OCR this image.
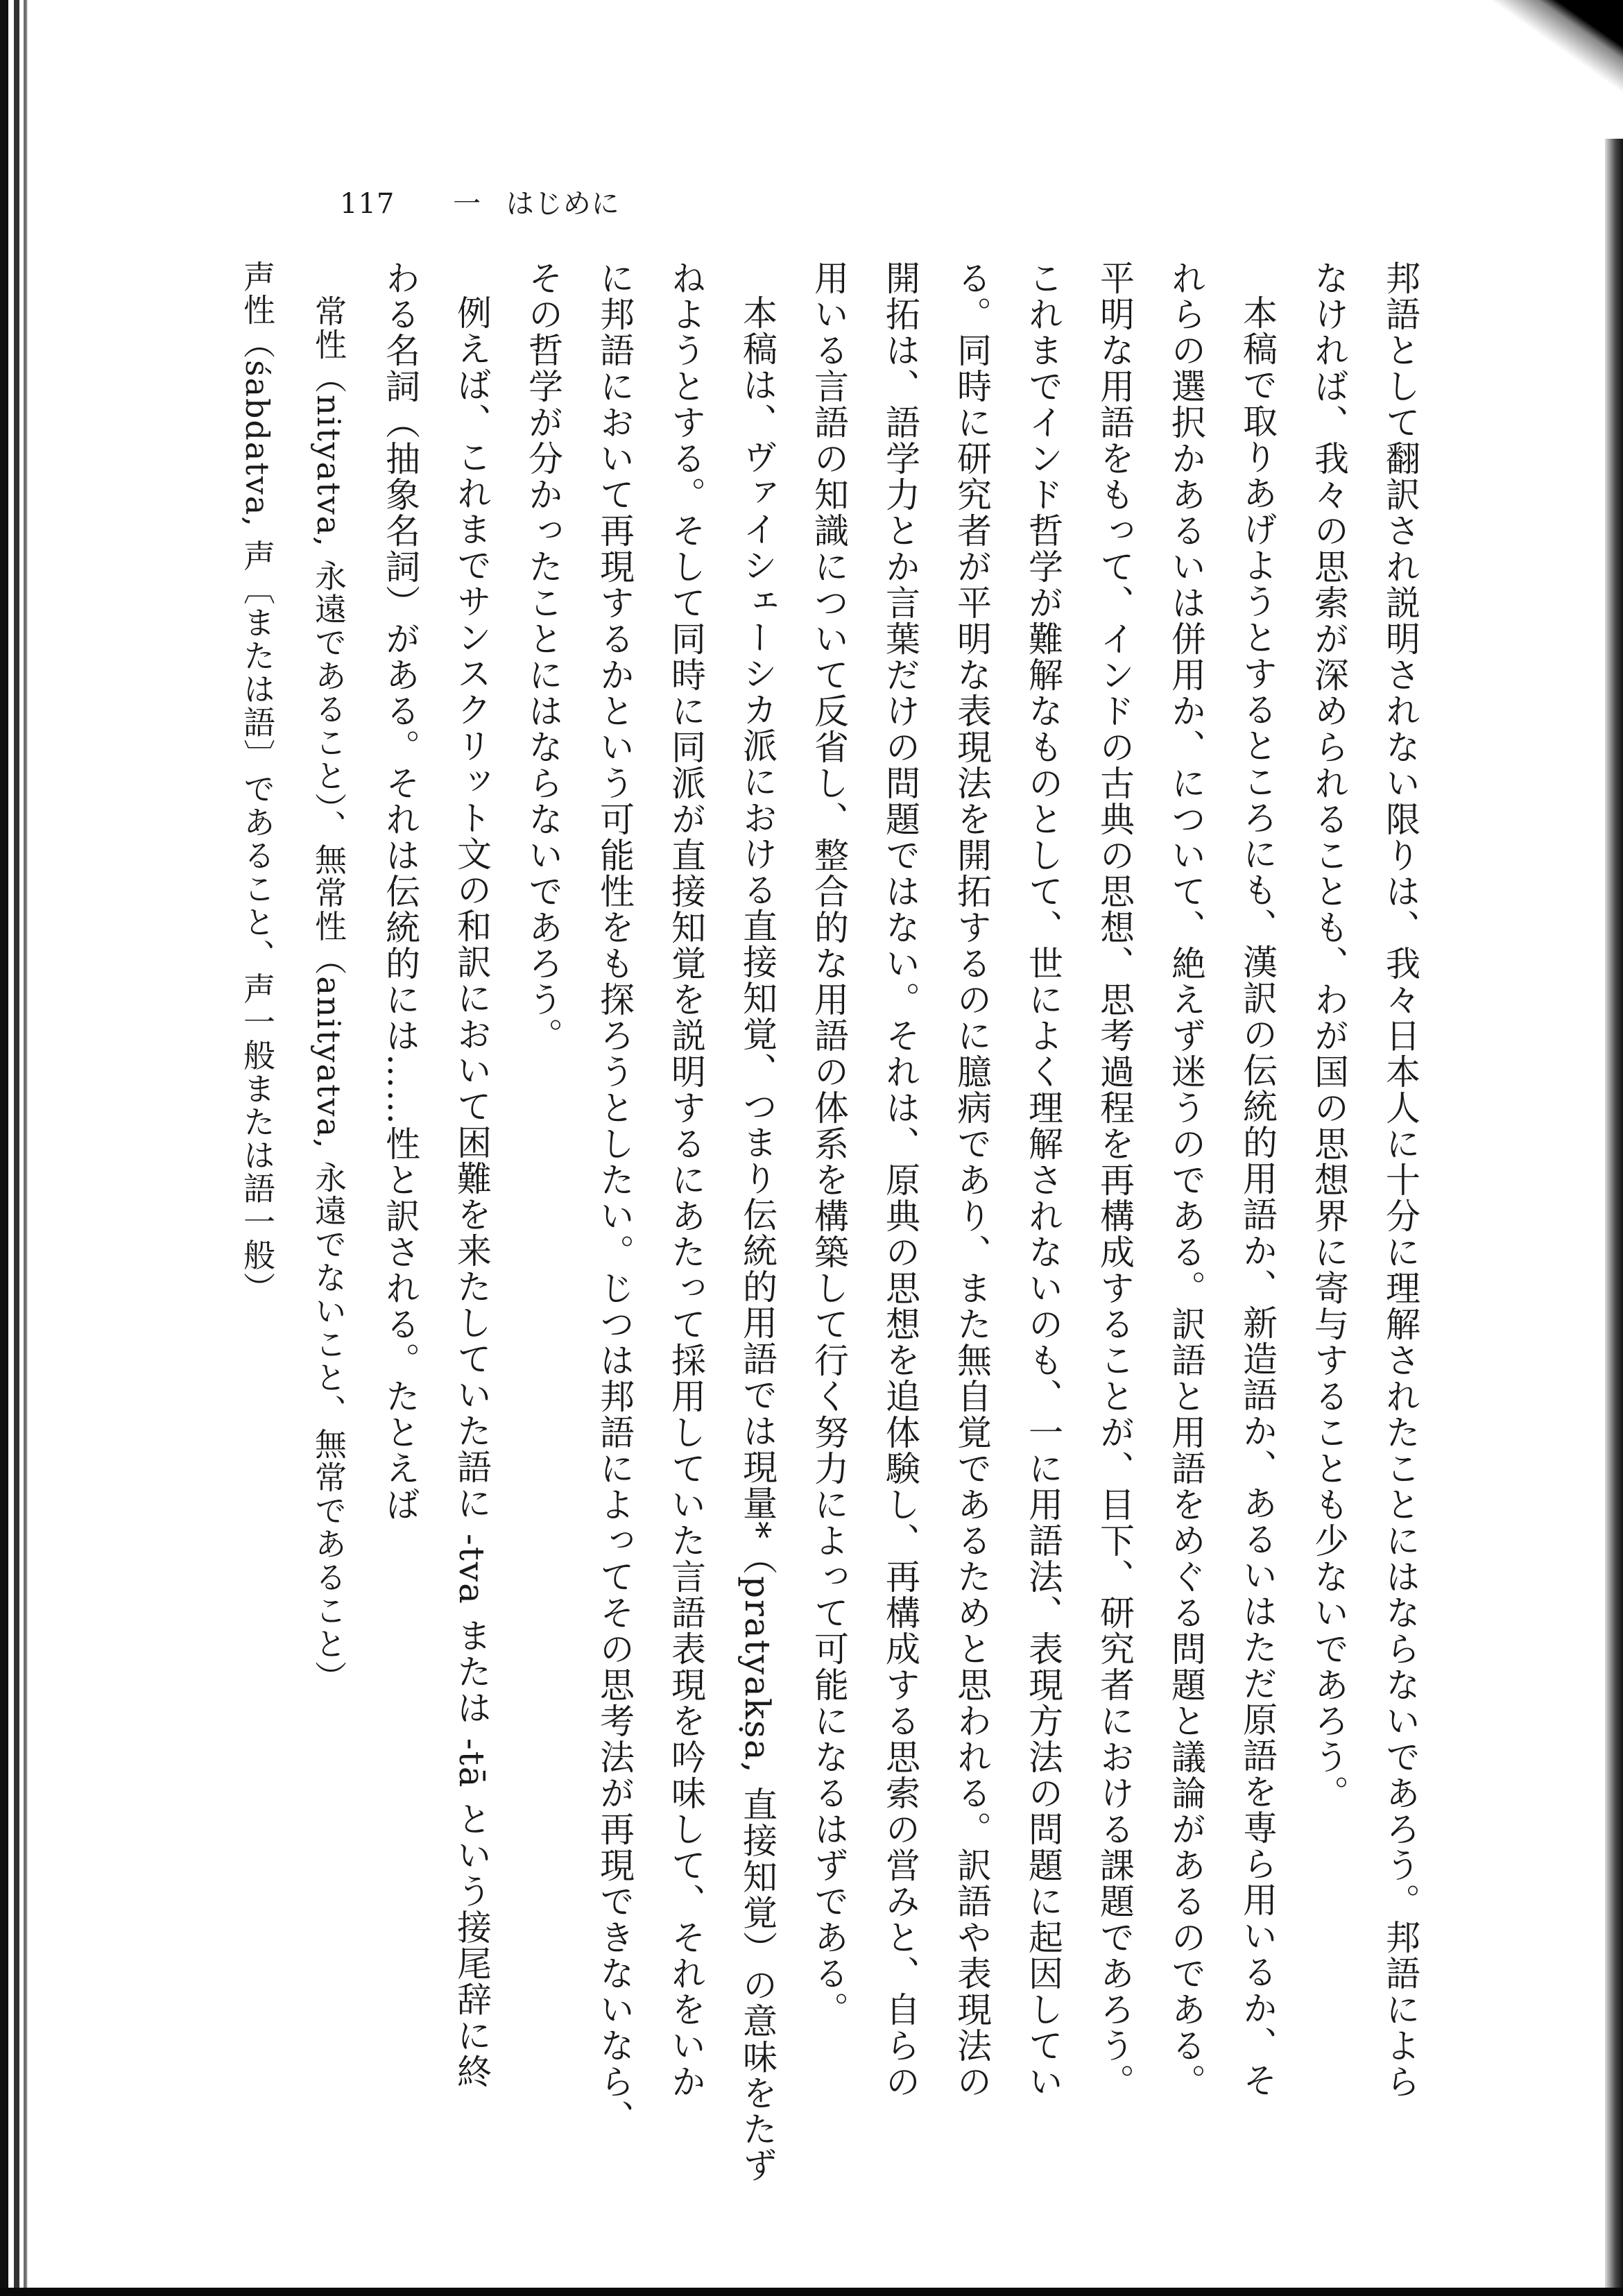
117 一 はじめに
邦語として翻訳され説明されない限りは、我々日本人に十分に理解されたことにはならないであろう。邦語によら
なければ、我々の思索が深められることも、わが国の思想界に寄与することも少ないであろう。
本稿で取りあげようとするところにも、漢訳の伝統的用語か、新造語か、あるいはただ原語を専ら用いるか、そ
れらの選択かあるいは併用か、について、絶えず迷うのである。訳語と用語をめぐる問題と議論があるのである。
平明な用語をもって、インドの古典の思想、思考過程を再構成することが、目下、研究者における課題であろう。
これまでインド哲学が難解なものとして、世によく理解されないのも、一に用語法、表現方法の問題に起因してい
る。同時に研究者が平明な表現法を開拓するのに臆病であり、また無自覚であるためと思われる。訳語や表現法の
開拓は、語学力とか言葉だけの問題ではない。それは、原典の思想を追体験し、再構成する思索の営みと、自らの
用いる言語の知識について反省し、整合的な用語の体系を構築して行く努力によって可能になるはずである。
本稿は、ヴァイシェーシカ派における直接知覚、つまり伝統的用語では現量*（pratyakṣa, 直接知覚）の意味をたず
ねようとする。そして同時に同派が直接知覚を説明するにあたって採用していた言語表現を吟味して、それをいか
に邦語において再現するかという可能性をも探ろうとしたい。じつは邦語によってその思考法が再現できないなら、
その哲学が分かったことにはならないであろう。
例えば、これまでサンスクリット文の和訳において困難を来たしていた語に -tva または -tā という接尾辞に終
わる名詞（抽象名詞）がある。それは伝統的には……性と訳される。たとえば
常性（nityatva, 永遠であること）、無常性（anityatva, 永遠でないこと、無常であること）
声性（śabdatva, 声〔または語〕であること、声一般または語一般）
